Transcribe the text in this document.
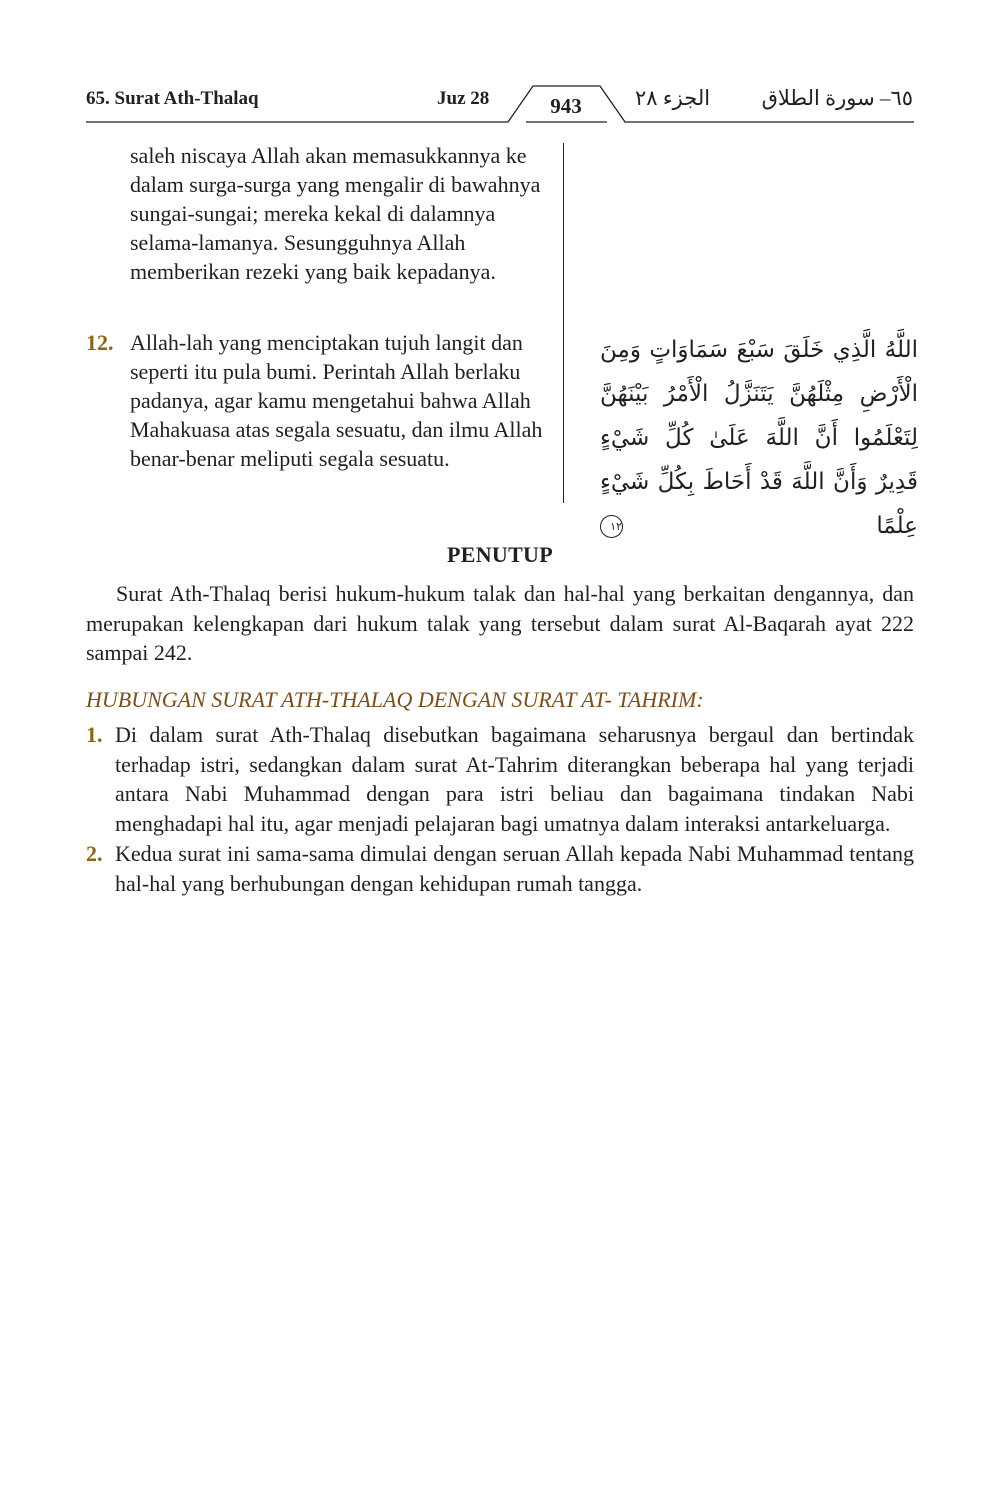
65. Surat Ath-Thalaq	Juz 28	943	الجزء ٢٨ ٦٥– سورة الطلاق

saleh niscaya Allah akan memasukkannya ke dalam surga-surga yang mengalir di bawahnya sungai-sungai; mereka kekal di dalamnya selama-lamanya. Sesungguhnya Allah memberikan rezeki yang baik kepadanya.

12. Allah-lah yang menciptakan tujuh langit dan seperti itu pula bumi. Perintah Allah berlaku padanya, agar kamu mengetahui bahwa Allah Mahakuasa atas segala sesuatu, dan ilmu Allah benar-benar meliputi segala sesuatu.

اللَّهُ الَّذِي خَلَقَ سَبْعَ سَمَاوَاتٍ وَمِنَ الْأَرْضِ مِثْلَهُنَّ يَتَنَزَّلُ الْأَمْرُ بَيْنَهُنَّ لِتَعْلَمُوا أَنَّ اللَّهَ عَلَىٰ كُلِّ شَيْءٍ قَدِيرٌ وَأَنَّ اللَّهَ قَدْ أَحَاطَ بِكُلِّ شَيْءٍ عِلْمًا ١٢
PENUTUP

Surat Ath-Thalaq berisi hukum-hukum talak dan hal-hal yang berkaitan dengannya, dan merupakan kelengkapan dari hukum talak yang tersebut dalam surat Al-Baqarah ayat 222 sampai 242.

HUBUNGAN SURAT ATH-THALAQ DENGAN SURAT AT- TAHRIM:

1. Di dalam surat Ath-Thalaq disebutkan bagaimana seharusnya bergaul dan bertindak terhadap istri, sedangkan dalam surat At-Tahrim diterangkan beberapa hal yang terjadi antara Nabi Muhammad dengan para istri beliau dan bagaimana tindakan Nabi menghadapi hal itu, agar menjadi pelajaran bagi umatnya dalam interaksi antarkeluarga.

2. Kedua surat ini sama-sama dimulai dengan seruan Allah kepada Nabi Muhammad tentang hal-hal yang berhubungan dengan kehidupan rumah tangga.
